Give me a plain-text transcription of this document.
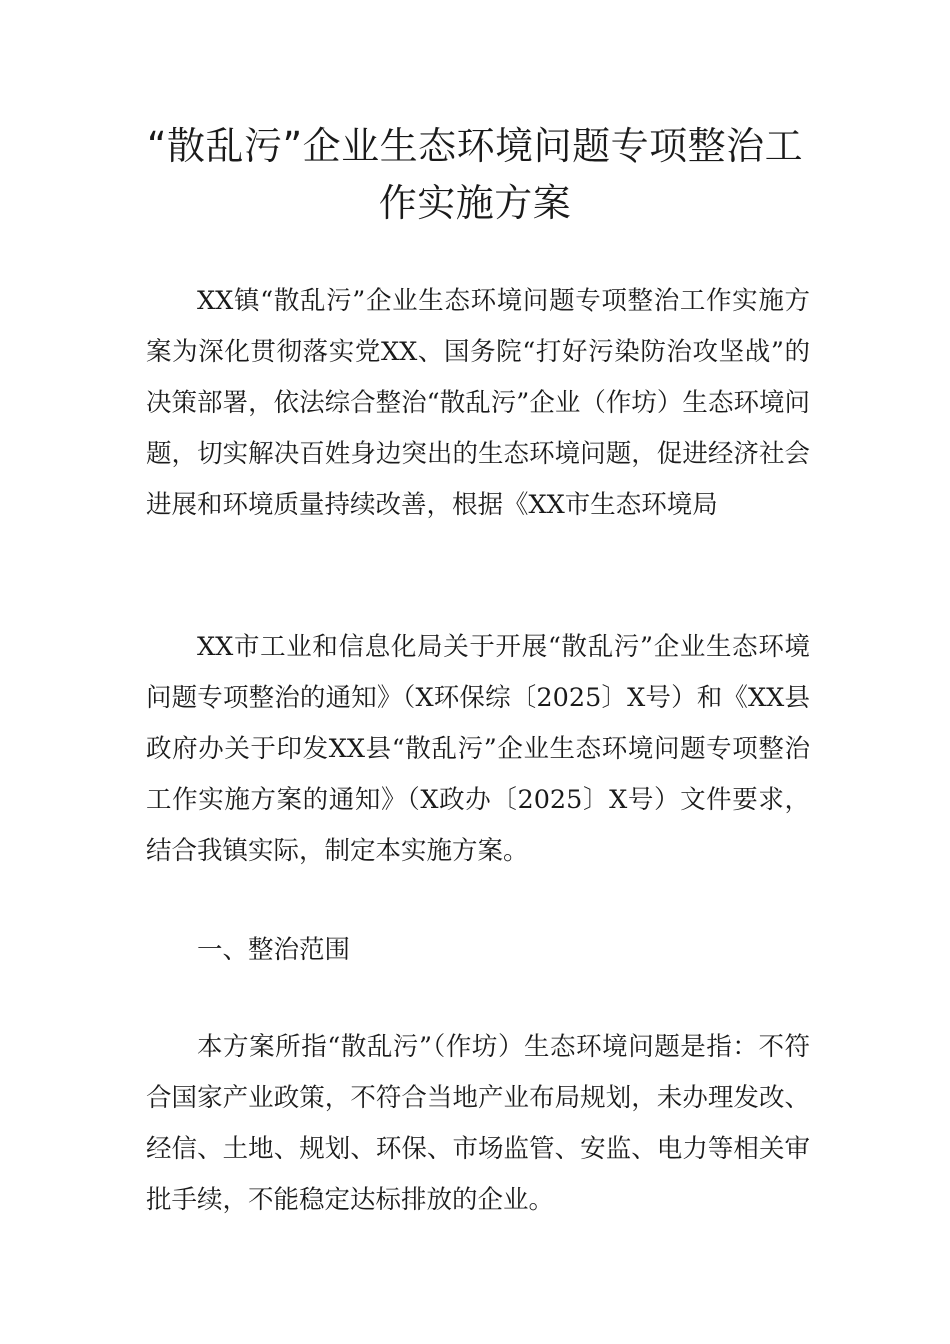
“散乱污”企业生态环境问题专项整治工作实施方案

XX镇“散乱污”企业生态环境问题专项整治工作实施方案为深化贯彻落实党XX、国务院“打好污染防治攻坚战”的决策部署，依法综合整治“散乱污”企业（作坊）生态环境问题，切实解决百姓身边突出的生态环境问题，促进经济社会进展和环境质量持续改善，根据《XX市生态环境局

XX市工业和信息化局关于开展“散乱污”企业生态环境问题专项整治的通知》（X环保综〔2025〕X号）和《XX县政府办关于印发XX县“散乱污”企业生态环境问题专项整治工作实施方案的通知》（X政办〔2025〕X号）文件要求，结合我镇实际，制定本实施方案。

一、整治范围

本方案所指“散乱污”（作坊）生态环境问题是指：不符合国家产业政策，不符合当地产业布局规划，未办理发改、经信、土地、规划、环保、市场监管、安监、电力等相关审批手续，不能稳定达标排放的企业。
